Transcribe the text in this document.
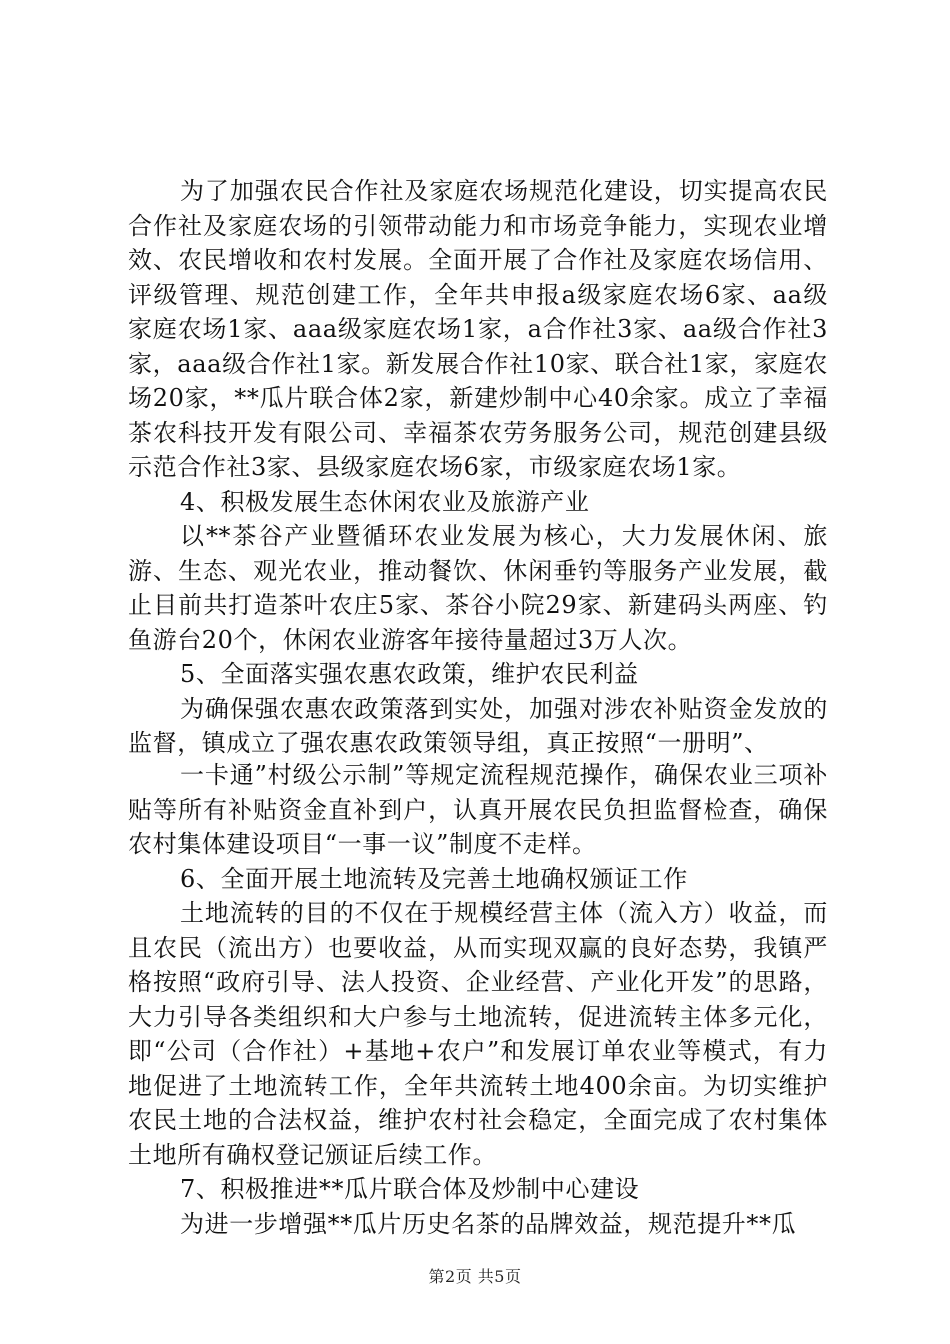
为了加强农民合作社及家庭农场规范化建设，切实提高农民合作社及家庭农场的引领带动能力和市场竞争能力，实现农业增效、农民增收和农村发展。全面开展了合作社及家庭农场信用、评级管理、规范创建工作，全年共申报a级家庭农场6家、aa级家庭农场1家、aaa级家庭农场1家，a合作社3家、aa级合作社3家，aaa级合作社1家。新发展合作社10家、联合社1家，家庭农场20家，**瓜片联合体2家，新建炒制中心40余家。成立了幸福茶农科技开发有限公司、幸福茶农劳务服务公司，规范创建县级示范合作社3家、县级家庭农场6家，市级家庭农场1家。

4、积极发展生态休闲农业及旅游产业

以**茶谷产业暨循环农业发展为核心，大力发展休闲、旅游、生态、观光农业，推动餐饮、休闲垂钓等服务产业发展，截止目前共打造茶叶农庄5家、茶谷小院29家、新建码头两座、钓鱼游台20个，休闲农业游客年接待量超过3万人次。

5、全面落实强农惠农政策，维护农民利益

为确保强农惠农政策落到实处，加强对涉农补贴资金发放的监督，镇成立了强农惠农政策领导组，真正按照“一册明”、

一卡通”村级公示制”等规定流程规范操作，确保农业三项补贴等所有补贴资金直补到户，认真开展农民负担监督检查，确保农村集体建设项目“一事一议”制度不走样。

6、全面开展土地流转及完善土地确权颁证工作

土地流转的目的不仅在于规模经营主体（流入方）收益，而且农民（流出方）也要收益，从而实现双赢的良好态势，我镇严格按照“政府引导、法人投资、企业经营、产业化开发”的思路，大力引导各类组织和大户参与土地流转，促进流转主体多元化，即“公司（合作社）+基地+农户”和发展订单农业等模式，有力地促进了土地流转工作，全年共流转土地400余亩。为切实维护农民土地的合法权益，维护农村社会稳定，全面完成了农村集体土地所有确权登记颁证后续工作。

7、积极推进**瓜片联合体及炒制中心建设

为进一步增强**瓜片历史名茶的品牌效益，规范提升**瓜

第2页 共5页
